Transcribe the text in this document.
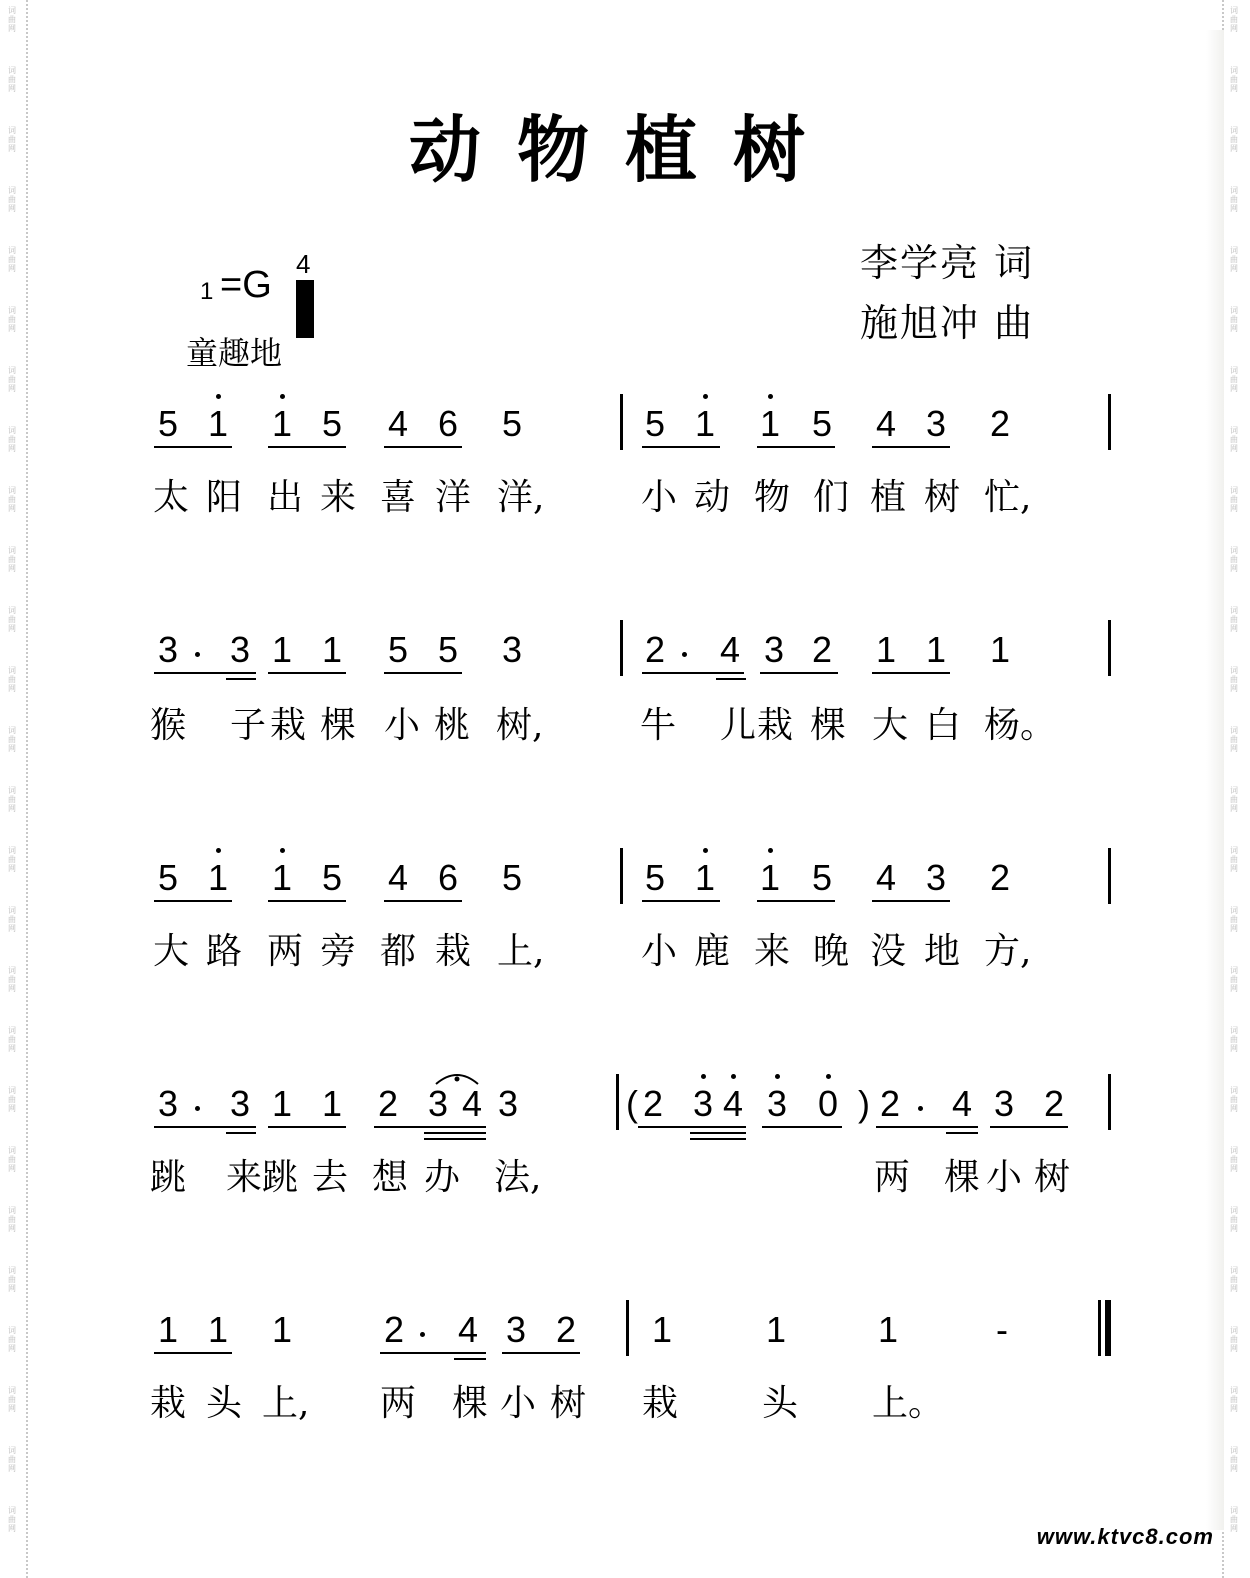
词
曲
网
词
曲
网
词
曲
网
词
曲
网
词
曲
网
词
曲
网
词
曲
网
词
曲
网
词
曲
网
词
曲
网
词
曲
网
词
曲
网
词
曲
网
词
曲
网
词
曲
网
词
曲
网
词
曲
网
词
曲
网
词
曲
网
词
曲
网
词
曲
网
词
曲
网
词
曲
网
词
曲
网
词
曲
网
词
曲
网
词
曲
网
词
曲
网
词
曲
网
词
曲
网
词
曲
网
词
曲
网
词
曲
网
词
曲
网
词
曲
网
词
曲
网
词
曲
网
词
曲
网
词
曲
网
词
曲
网
词
曲
网
词
曲
网
词
曲
网
词
曲
网
词
曲
网
词
曲
网
词
曲
网
词
曲
网
词
曲
网
词
曲
网
词
曲
网
词
曲
网
动物植树
1 =G 4
童趣地
李学亮 词
施旭冲 曲
5 1 1 5 4 6 5	5 1 1 5 4 3 2
太 阳 出 来 喜 洋 洋,	小 动 物 们 植 树 忙,
3 3 1 1 5 5 3	2 4 3 2 1 1 1
猴 子 栽 棵 小 桃 树,	牛 儿 栽 棵 大 白 杨。
5 1 1 5 4 6 5	5 1 1 5 4 3 2
大 路 两 旁 都 栽 上,	小 鹿 来 晚 没 地 方,
3 3 1 1 2 3 4 3	( 2 3 4 3 0 ) 2 4 3 2
跳 来 跳 去 想 办 法,	两 棵 小 树
1 1 1	2 4 3 2 1	1	1	-
栽 头 上, 两 棵 小 树 栽 头 上。
www.ktvc8.com
